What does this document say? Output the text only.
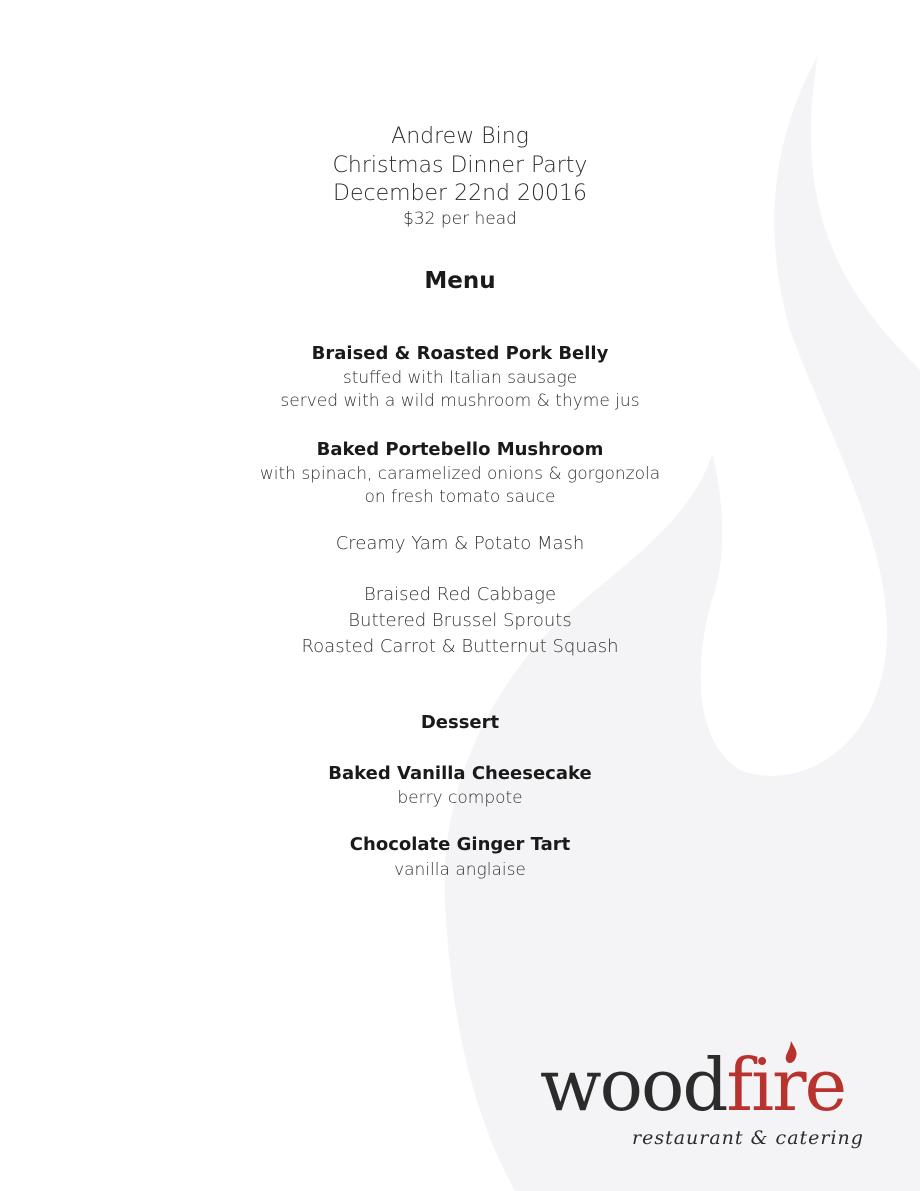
Andrew Bing
Christmas Dinner Party
December 22nd 20016
$32 per head
Menu
Braised & Roasted Pork Belly
stuffed with Italian sausage
served with a wild mushroom & thyme jus
Baked Portebello Mushroom
with spinach, caramelized onions & gorgonzola
on fresh tomato sauce
Creamy Yam & Potato Mash
Braised Red Cabbage
Buttered Brussel Sprouts
Roasted Carrot & Butternut Squash
Dessert
Baked Vanilla Cheesecake
berry compote
Chocolate Ginger Tart
vanilla anglaise
woodfire
restaurant & catering
